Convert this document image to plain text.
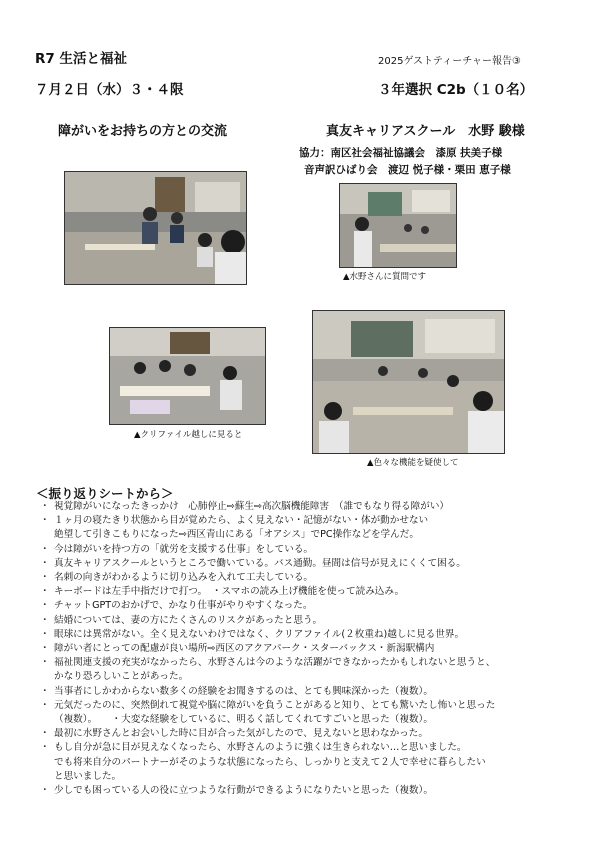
R7 生活と福祉	2025ゲストティーチャー報告③
７月２日（水）３・４限	３年選択 C2b（１０名）
障がいをお持ちの方との交流	真友キャリアスクール　水野 駿様
協力：南区社会福祉協議会　漆原 扶美子様
音声訳ひばり会　渡辺 悦子様・栗田 恵子様
▲水野さんに質問です
▲クリファイル越しに見ると
▲色々な機能を疑使して
＜振り返りシートから＞
・ 視覚障がいになったきっかけ　心肺停止⇨蘇生⇨高次脳機能障害　（誰でもなり得る障がい）
・ １ヶ月の寝たきり状態から目が覚めたら、よく見えない・記憶がない・体が動かせない
絶望して引きこもりになった⇨西区青山にある「オアシス」でPC操作などを学んだ。
・ 今は障がいを持つ方の「就労を支援する仕事」をしている。
・ 真友キャリアスクールというところで働いている。バス通勤。昼間は信号が見えにくくて困る。
・ 名刺の向きがわかるように切り込みを入れて工夫している。
・ キーボードは左手中指だけで打つ。　・スマホの読み上げ機能を使って読み込み。
・ チャットGPTのおかげで、かなり仕事がやりやすくなった。
・ 結婚については、妻の方にたくさんのリスクがあったと思う。
・ 眼球には異常がない。全く見えないわけではなく、クリアファイル(２枚重ね)越しに見る世界。
・ 障がい者にとっての配慮が良い場所⇨西区のアクアパーク・スターバックス・新潟駅構内
・ 福祉関連支援の充実がなかったら、水野さんは今のような活躍ができなかったかもしれないと思うと、
かなり恐ろしいことがあった。
・ 当事者にしかわからない数多くの経験をお聞きするのは、とても興味深かった（複数）。
・ 元気だったのに、突然倒れて視覚や脳に障がいを負うことがあると知り、とても驚いたし怖いと思った
（複数）。　　・大変な経験をしているに、明るく話してくれてすごいと思った（複数）。
・ 最初に水野さんとお会いした時に目が合った気がしたので、見えないと思わなかった。
・ もし自分が急に目が見えなくなったら、水野さんのように強くは生きられない…と思いました。
でも将来自分のパートナーがそのような状態になったら、しっかりと支えて２人で幸せに暮らしたい
と思いました。
・ 少しでも困っている人の役に立つような行動ができるようになりたいと思った（複数）。
